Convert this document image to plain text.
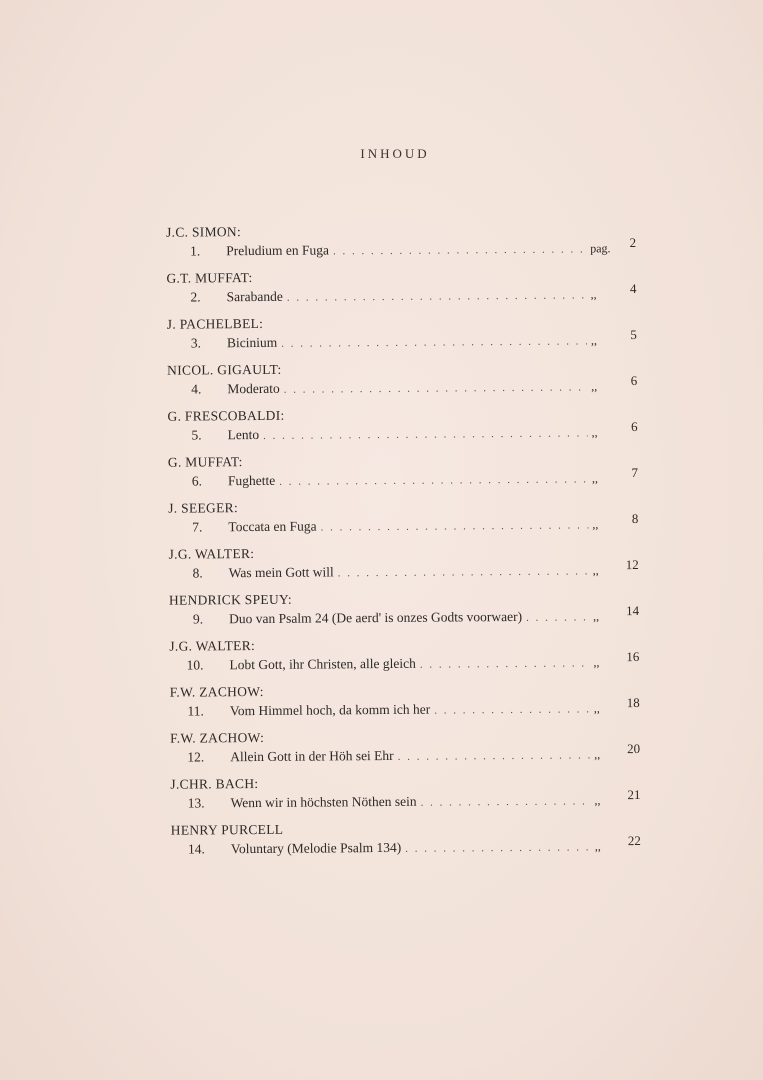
INHOUD
J.C. SIMON:
1.	Preludium en Fuga . . .	pag.	2
G.T. MUFFAT:
2.	Sarabande . . .	,,	4
J. PACHELBEL:
3.	Bicinium . . .	,,	5
NICOL. GIGAULT:
4.	Moderato . . .	,,	6
G. FRESCOBALDI:
5.	Lento . . .	,,	6
G. MUFFAT:
6.	Fughette . . .	,,	7
J. SEEGER:
7.	Toccata en Fuga . . .	,,	8
J.G. WALTER:
8.	Was mein Gott will . . .	,,	12
HENDRICK SPEUY:
9.	Duo van Psalm 24 (De aerd' is onzes Godts voorwaer) . . .	,,	14
J.G. WALTER:
10.	Lobt Gott, ihr Christen, alle gleich . . .	,,	16
F.W. ZACHOW:
11.	Vom Himmel hoch, da komm ich her . . .	,,	18
F.W. ZACHOW:
12.	Allein Gott in der Höh sei Ehr . . .	,,	20
J.CHR. BACH:
13.	Wenn wir in höchsten Nöthen sein . . .	,,	21
HENRY PURCELL
14.	Voluntary (Melodie Psalm 134) . . .	,,	22
